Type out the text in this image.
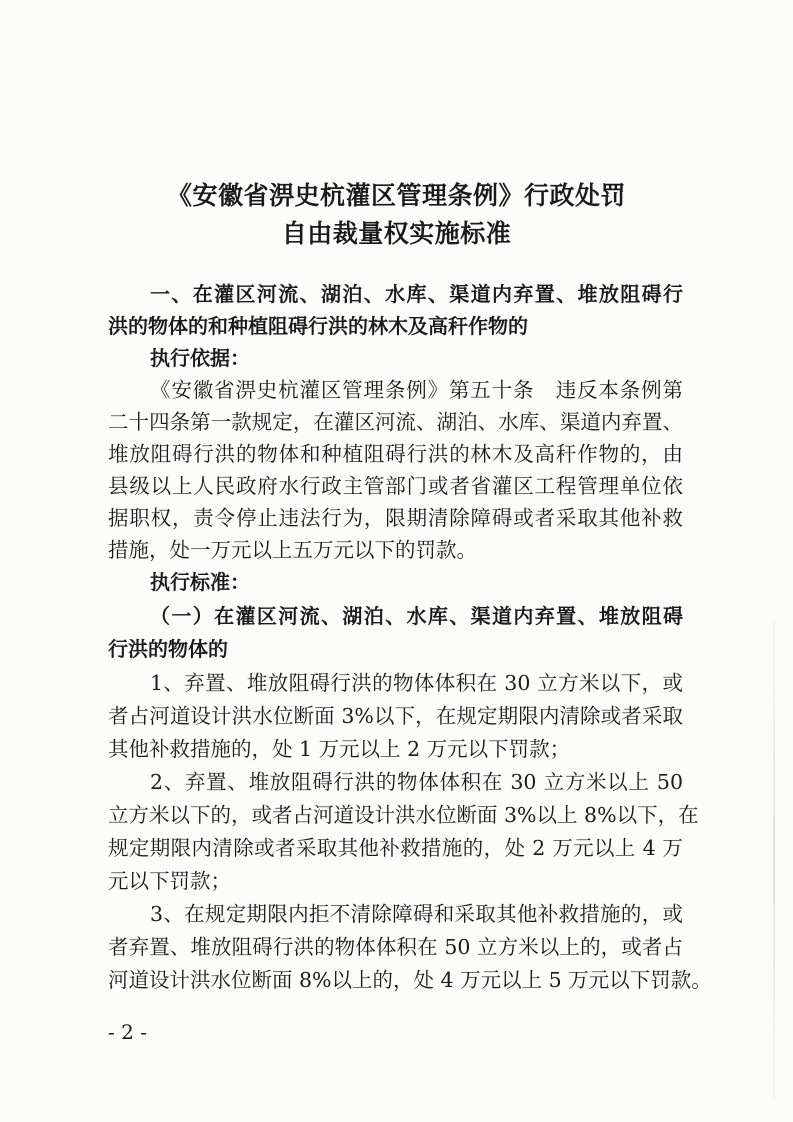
《安徽省淠史杭灌区管理条例》行政处罚
自由裁量权实施标准
一、在灌区河流、湖泊、水库、渠道内弃置、堆放阻碍行
洪的物体的和种植阻碍行洪的林木及高秆作物的
执行依据：
《安徽省淠史杭灌区管理条例》第五十条　违反本条例第
二十四条第一款规定，在灌区河流、湖泊、水库、渠道内弃置、
堆放阻碍行洪的物体和种植阻碍行洪的林木及高秆作物的，由
县级以上人民政府水行政主管部门或者省灌区工程管理单位依
据职权，责令停止违法行为，限期清除障碍或者采取其他补救
措施，处一万元以上五万元以下的罚款。
执行标准：
（一）在灌区河流、湖泊、水库、渠道内弃置、堆放阻碍
行洪的物体的
1、弃置、堆放阻碍行洪的物体体积在 30 立方米以下，或
者占河道设计洪水位断面 3%以下，在规定期限内清除或者采取
其他补救措施的，处 1 万元以上 2 万元以下罚款；
2、弃置、堆放阻碍行洪的物体体积在 30 立方米以上 50
立方米以下的，或者占河道设计洪水位断面 3%以上 8%以下，在
规定期限内清除或者采取其他补救措施的，处 2 万元以上 4 万
元以下罚款；
3、在规定期限内拒不清除障碍和采取其他补救措施的，或
者弃置、堆放阻碍行洪的物体体积在 50 立方米以上的，或者占
河道设计洪水位断面 8%以上的，处 4 万元以上 5 万元以下罚款。
- 2 -
